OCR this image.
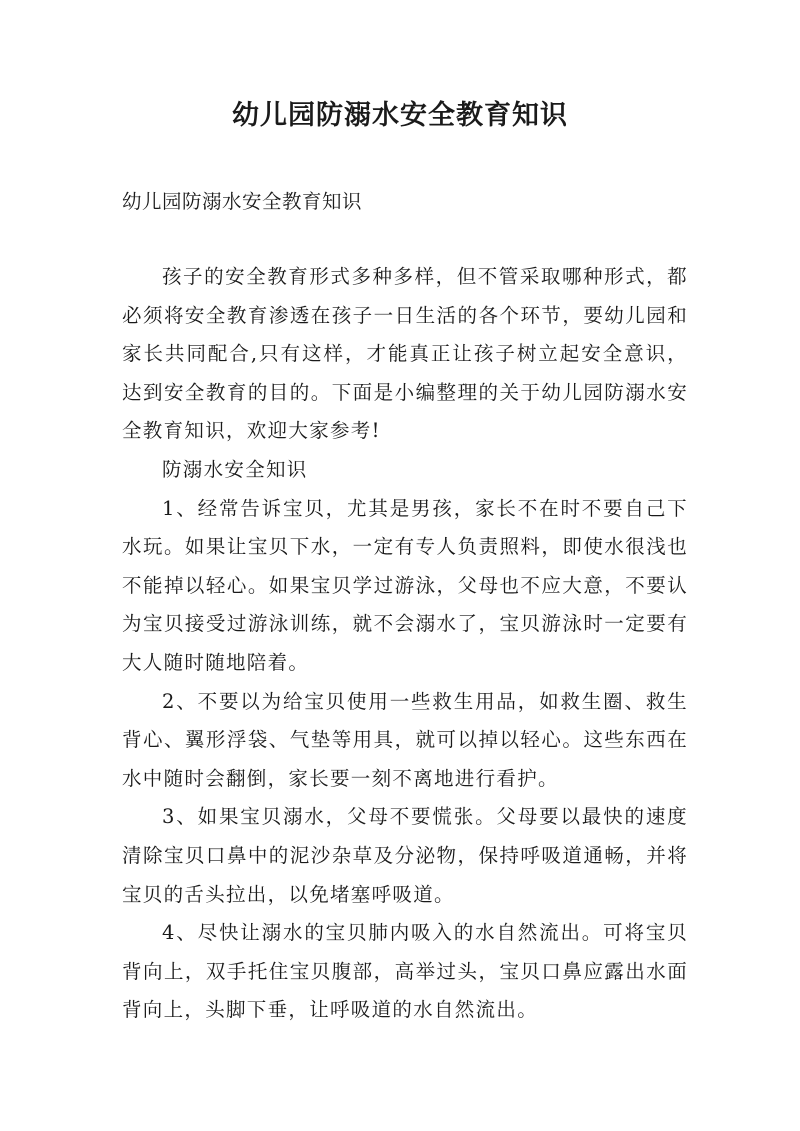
幼儿园防溺水安全教育知识

幼儿园防溺水安全教育知识

孩子的安全教育形式多种多样，但不管采取哪种形式，都必须将安全教育渗透在孩子一日生活的各个环节，要幼儿园和家长共同配合,只有这样，才能真正让孩子树立起安全意识，达到安全教育的目的。下面是小编整理的关于幼儿园防溺水安全教育知识，欢迎大家参考!

防溺水安全知识

1、经常告诉宝贝，尤其是男孩，家长不在时不要自己下水玩。如果让宝贝下水，一定有专人负责照料，即使水很浅也不能掉以轻心。如果宝贝学过游泳，父母也不应大意，不要认为宝贝接受过游泳训练，就不会溺水了，宝贝游泳时一定要有大人随时随地陪着。

2、不要以为给宝贝使用一些救生用品，如救生圈、救生背心、翼形浮袋、气垫等用具，就可以掉以轻心。这些东西在水中随时会翻倒，家长要一刻不离地进行看护。

3、如果宝贝溺水，父母不要慌张。父母要以最快的速度清除宝贝口鼻中的泥沙杂草及分泌物，保持呼吸道通畅，并将宝贝的舌头拉出，以免堵塞呼吸道。

4、尽快让溺水的宝贝肺内吸入的水自然流出。可将宝贝背向上，双手托住宝贝腹部，高举过头，宝贝口鼻应露出水面背向上，头脚下垂，让呼吸道的水自然流出。
